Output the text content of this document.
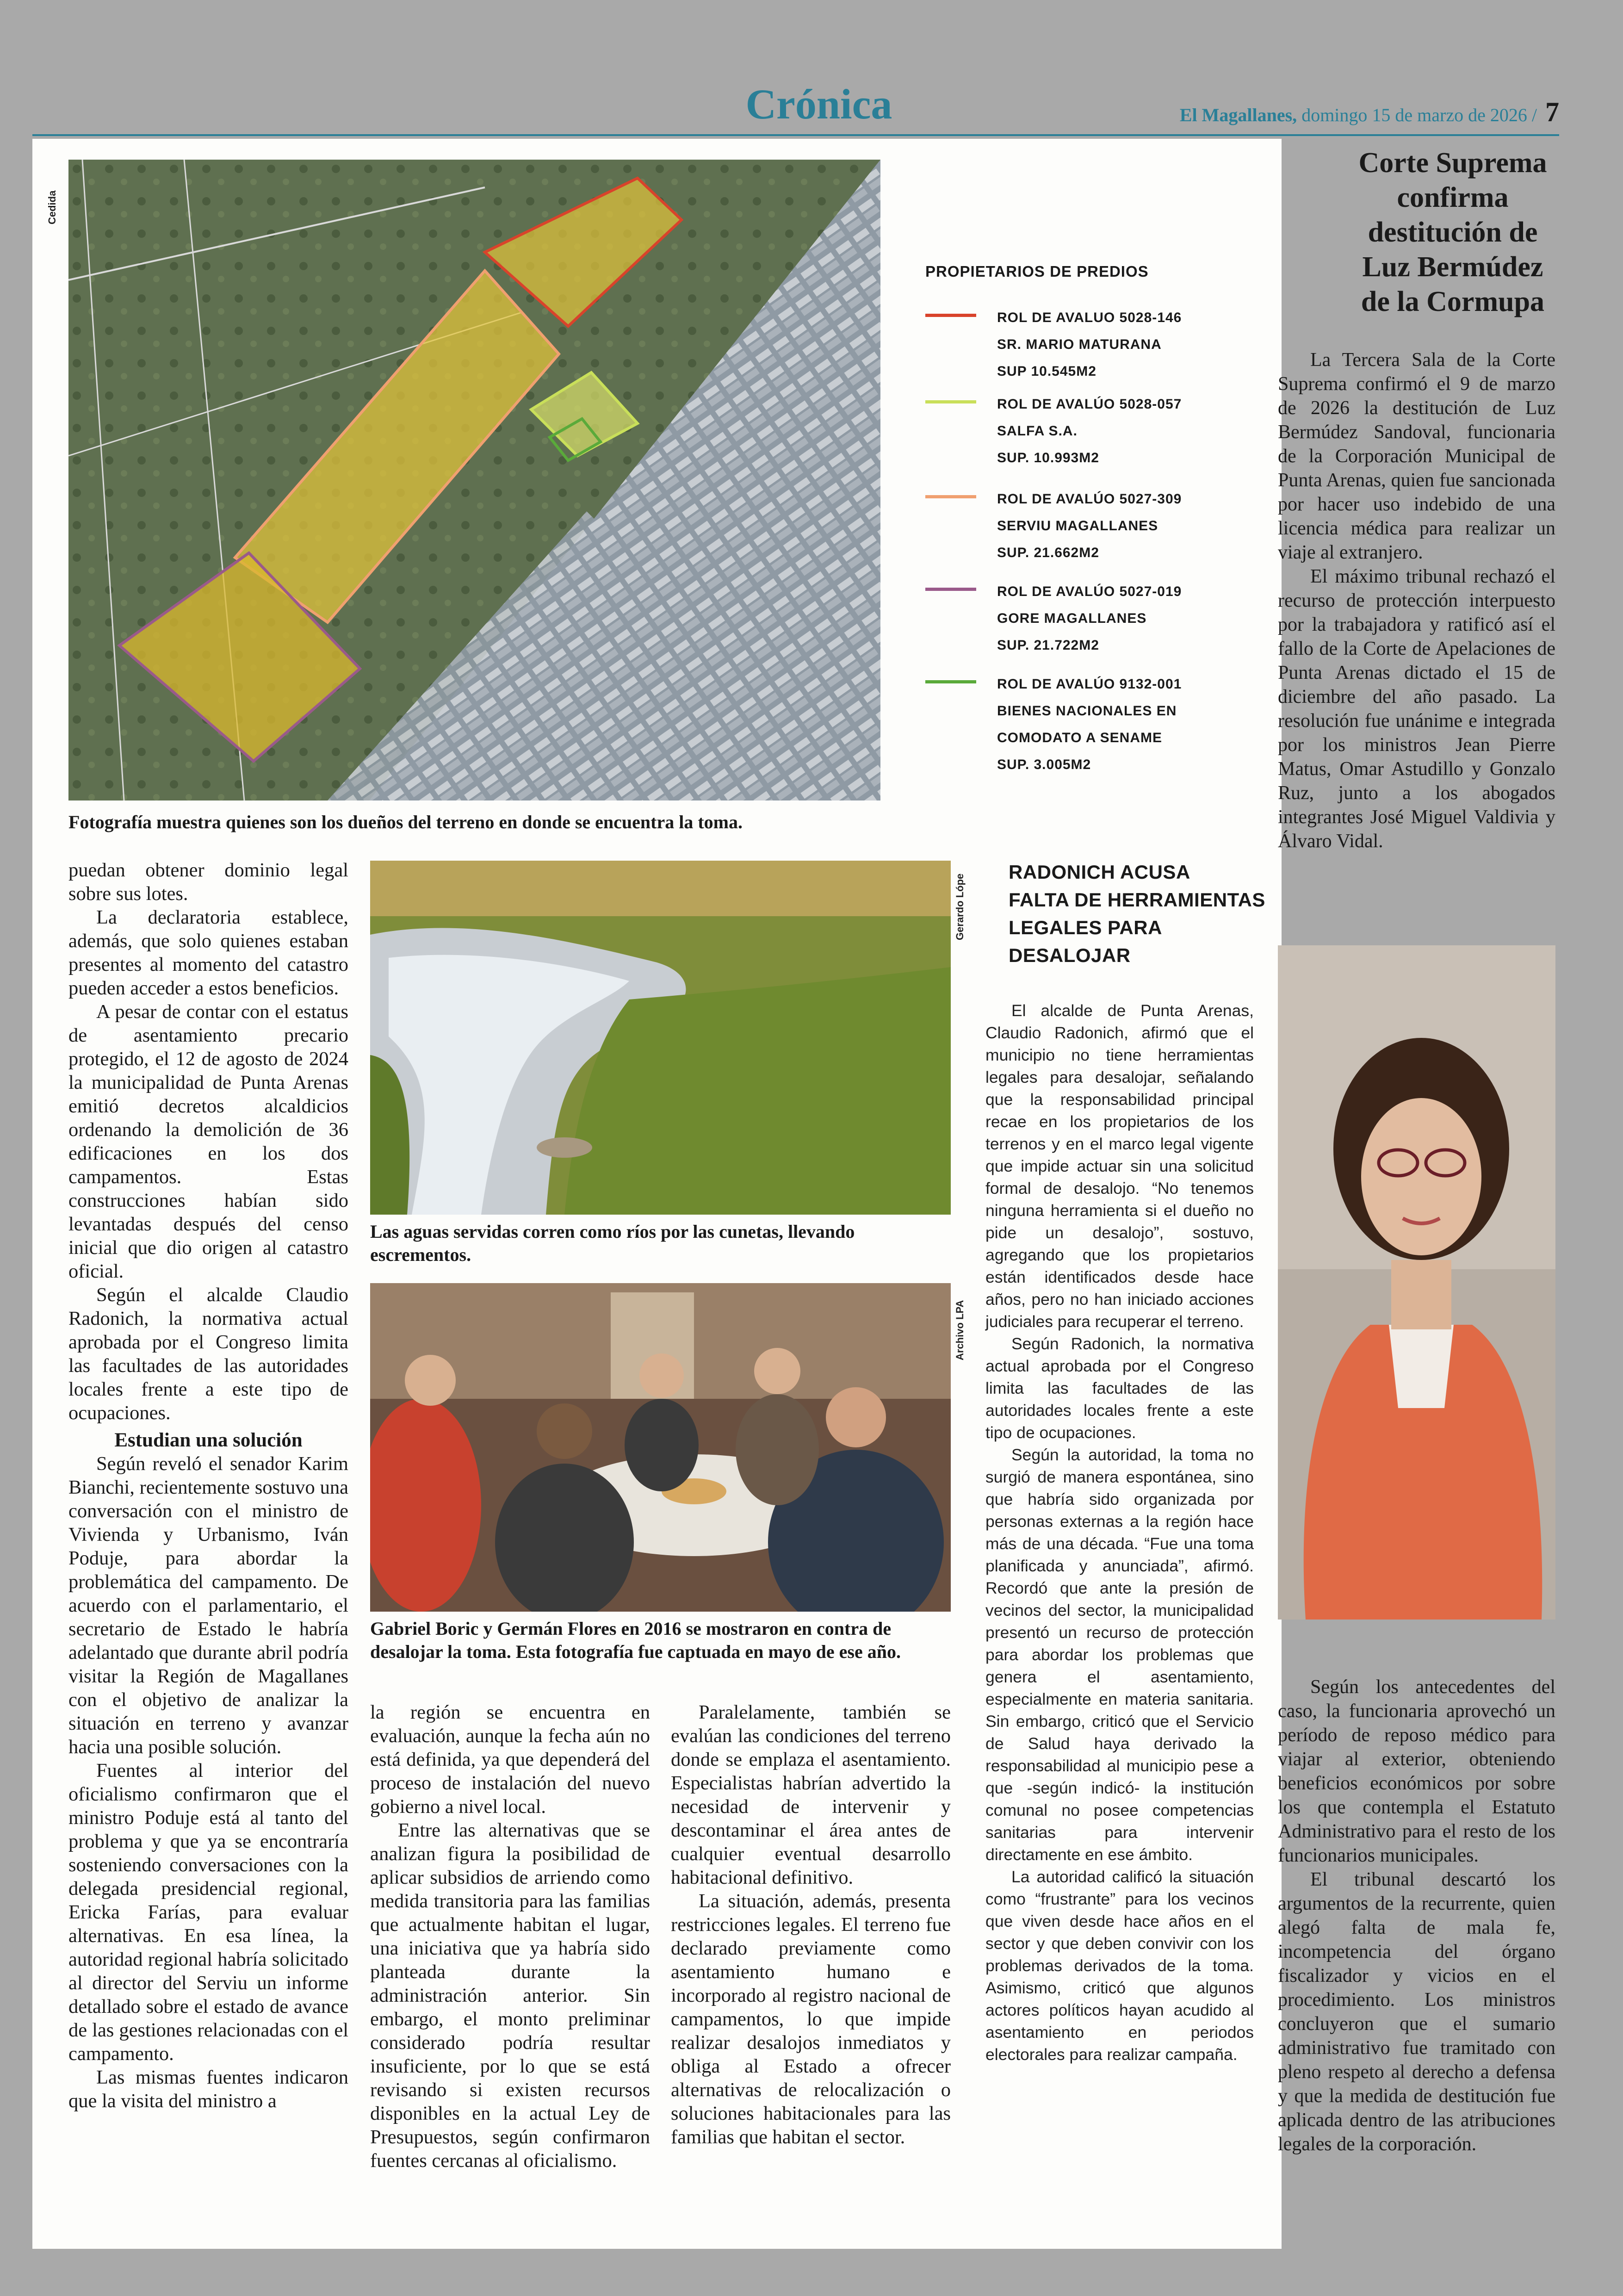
Crónica	El Magallanes, domingo 15 de marzo de 2026 / 7
Cedida
PROPIETARIOS DE PREDIOS
ROL DE AVALUO 5028-146
SR. MARIO MATURANA
SUP 10.545M2
ROL DE AVALÚO 5028-057
SALFA S.A.
SUP. 10.993M2
ROL DE AVALÚO 5027-309
SERVIU MAGALLANES
SUP. 21.662M2
ROL DE AVALÚO 5027-019
GORE MAGALLANES
SUP. 21.722M2
ROL DE AVALÚO 9132-001
BIENES NACIONALES EN
COMODATO A SENAME
SUP. 3.005M2
Fotografía muestra quienes son los dueños del terreno en donde se encuentra la toma.

puedan obtener dominio legal sobre sus lotes.

La declaratoria establece, además, que solo quienes estaban presentes al momento del catastro pueden acceder a estos beneficios.

A pesar de contar con el estatus de asentamiento precario protegido, el 12 de agosto de 2024 la municipalidad de Punta Arenas emitió decretos alcaldicios ordenando la demolición de 36 edificaciones en los dos campamentos. Estas construcciones habían sido levantadas después del censo inicial que dio origen al catastro oficial.

Según el alcalde Claudio Radonich, la normativa actual aprobada por el Congreso limita las facultades de las autoridades locales frente a este tipo de ocupaciones.

Estudian una solución

Según reveló el senador Karim Bianchi, recientemente sostuvo una conversación con el ministro de Vivienda y Urbanismo, Iván Poduje, para abordar la problemática del campamento. De acuerdo con el parlamentario, el secretario de Estado le habría adelantado que durante abril podría visitar la Región de Magallanes con el objetivo de analizar la situación en terreno y avanzar hacia una posible solución.

Fuentes al interior del oficialismo confirmaron que el ministro Poduje está al tanto del problema y que ya se encontraría sosteniendo conversaciones con la delegada presidencial regional, Ericka Farías, para evaluar alternativas. En esa línea, la autoridad regional habría solicitado al director del Serviu un informe detallado sobre el estado de avance de las gestiones relacionadas con el campamento.

Las mismas fuentes indicaron que la visita del ministro a

Gerardo Lópe
Las aguas servidas corren como ríos por las cunetas, llevando escrementos.
Archivo LPA
Gabriel Boric y Germán Flores en 2016 se mostraron en contra de desalojar la toma. Esta fotografía fue captuada en mayo de ese año.

la región se encuentra en evaluación, aunque la fecha aún no está definida, ya que dependerá del proceso de instalación del nuevo gobierno a nivel local.

Entre las alternativas que se analizan figura la posibilidad de aplicar subsidios de arriendo como medida transitoria para las familias que actualmente habitan el lugar, una iniciativa que ya habría sido planteada durante la administración anterior. Sin embargo, el monto preliminar considerado podría resultar insuficiente, por lo que se está revisando si existen recursos disponibles en la actual Ley de Presupuestos, según confirmaron fuentes cercanas al oficialismo.

Paralelamente, también se evalúan las condiciones del terreno donde se emplaza el asentamiento. Especialistas habrían advertido la necesidad de intervenir y descontaminar el área antes de cualquier eventual desarrollo habitacional definitivo.

La situación, además, presenta restricciones legales. El terreno fue declarado previamente como asentamiento humano e incorporado al registro nacional de campamentos, lo que impide realizar desalojos inmediatos y obliga al Estado a ofrecer alternativas de relocalización o soluciones habitacionales para las familias que habitan el sector.

RADONICH ACUSA
FALTA DE HERRAMIENTAS
LEGALES PARA
DESALOJAR

El alcalde de Punta Arenas, Claudio Radonich, afirmó que el municipio no tiene herramientas legales para desalojar, señalando que la responsabilidad principal recae en los propietarios de los terrenos y en el marco legal vigente que impide actuar sin una solicitud formal de desalojo. “No tenemos ninguna herramienta si el dueño no pide un desalojo”, sostuvo, agregando que los propietarios están identificados desde hace años, pero no han iniciado acciones judiciales para recuperar el terreno.

Según Radonich, la normativa actual aprobada por el Congreso limita las facultades de las autoridades locales frente a este tipo de ocupaciones.

Según la autoridad, la toma no surgió de manera espontánea, sino que habría sido organizada por personas externas a la región hace más de una década. “Fue una toma planificada y anunciada”, afirmó. Recordó que ante la presión de vecinos del sector, la municipalidad presentó un recurso de protección para abordar los problemas que genera el asentamiento, especialmente en materia sanitaria. Sin embargo, criticó que el Servicio de Salud haya derivado la responsabilidad al municipio pese a que -según indicó- la institución comunal no posee competencias sanitarias para intervenir directamente en ese ámbito.

La autoridad calificó la situación como “frustrante” para los vecinos que viven desde hace años en el sector y que deben convivir con los problemas derivados de la toma. Asimismo, criticó que algunos actores políticos hayan acudido al asentamiento en periodos electorales para realizar campaña.

Corte Suprema
confirma
destitución de
Luz Bermúdez
de la Cormupa

La Tercera Sala de la Corte Suprema confirmó el 9 de marzo de 2026 la destitución de Luz Bermúdez Sandoval, funcionaria de la Corporación Municipal de Punta Arenas, quien fue sancionada por hacer uso indebido de una licencia médica para realizar un viaje al extranjero.

El máximo tribunal rechazó el recurso de protección interpuesto por la trabajadora y ratificó así el fallo de la Corte de Apelaciones de Punta Arenas dictado el 15 de diciembre del año pasado. La resolución fue unánime e integrada por los ministros Jean Pierre Matus, Omar Astudillo y Gonzalo Ruz, junto a los abogados integrantes José Miguel Valdivia y Álvaro Vidal.

Según los antecedentes del caso, la funcionaria aprovechó un período de reposo médico para viajar al exterior, obteniendo beneficios económicos por sobre los que contempla el Estatuto Administrativo para el resto de los funcionarios municipales.

El tribunal descartó los argumentos de la recurrente, quien alegó falta de mala fe, incompetencia del órgano fiscalizador y vicios en el procedimiento. Los ministros concluyeron que el sumario administrativo fue tramitado con pleno respeto al derecho a defensa y que la medida de destitución fue aplicada dentro de las atribuciones legales de la corporación.
